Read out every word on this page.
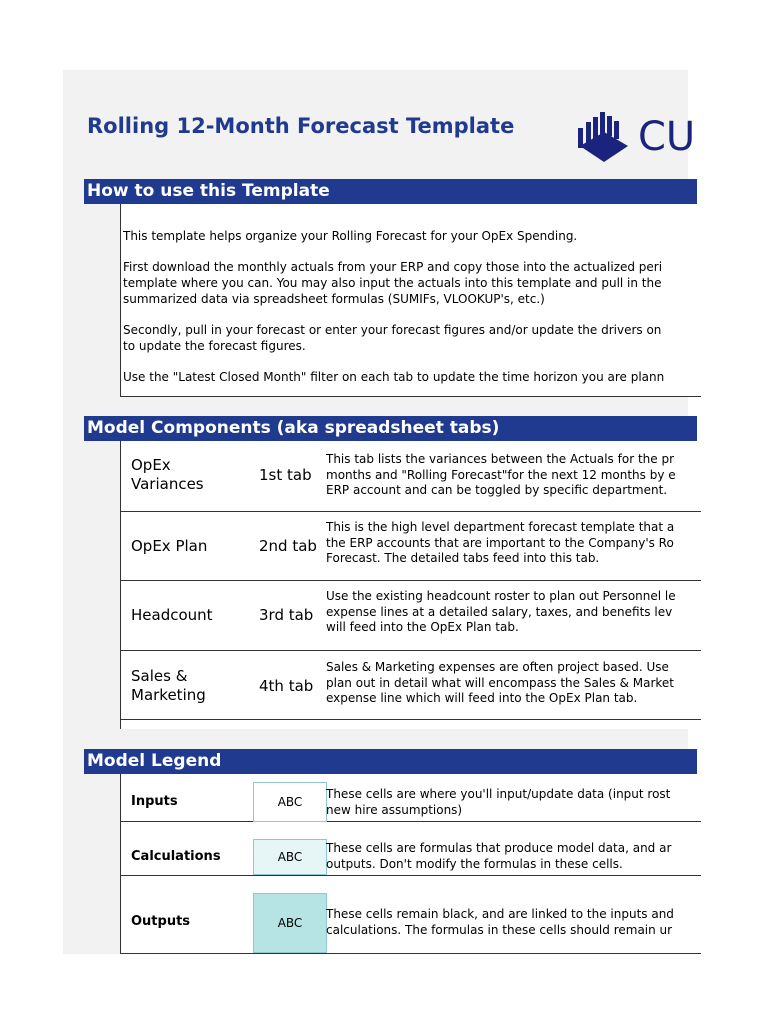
Rolling 12-Month Forecast Template	CU
How to use this Template

This template helps organize your Rolling Forecast for your OpEx Spending.

First download the monthly actuals from your ERP and copy those into the actualized peri
template where you can. You may also input the actuals into this template and pull in the
summarized data via spreadsheet formulas (SUMIFs, VLOOKUP's, etc.)

Secondly, pull in your forecast or enter your forecast figures and/or update the drivers on
to update the forecast figures.

Use the "Latest Closed Month" filter on each tab to update the time horizon you are plann

Model Components (aka spreadsheet tabs)
OpEx
Variances	1st tab
This tab lists the variances between the Actuals for the pr
months and "Rolling Forecast"for the next 12 months by e
ERP account and can be toggled by specific department.
OpEx Plan	2nd tab
This is the high level department forecast template that a
the ERP accounts that are important to the Company's Ro
Forecast. The detailed tabs feed into this tab.
Headcount	3rd tab
Use the existing headcount roster to plan out Personnel le
expense lines at a detailed salary, taxes, and benefits lev
will feed into the OpEx Plan tab.
Sales &
Marketing	4th tab
Sales & Marketing expenses are often project based. Use
plan out in detail what will encompass the Sales & Market
expense line which will feed into the OpEx Plan tab.
Model Legend
Inputs	ABC
These cells are where you'll input/update data (input rost
new hire assumptions)
Calculations	ABC
These cells are formulas that produce model data, and ar
outputs. Don't modify the formulas in these cells.
Outputs	ABC
These cells remain black, and are linked to the inputs and
calculations. The formulas in these cells should remain ur
